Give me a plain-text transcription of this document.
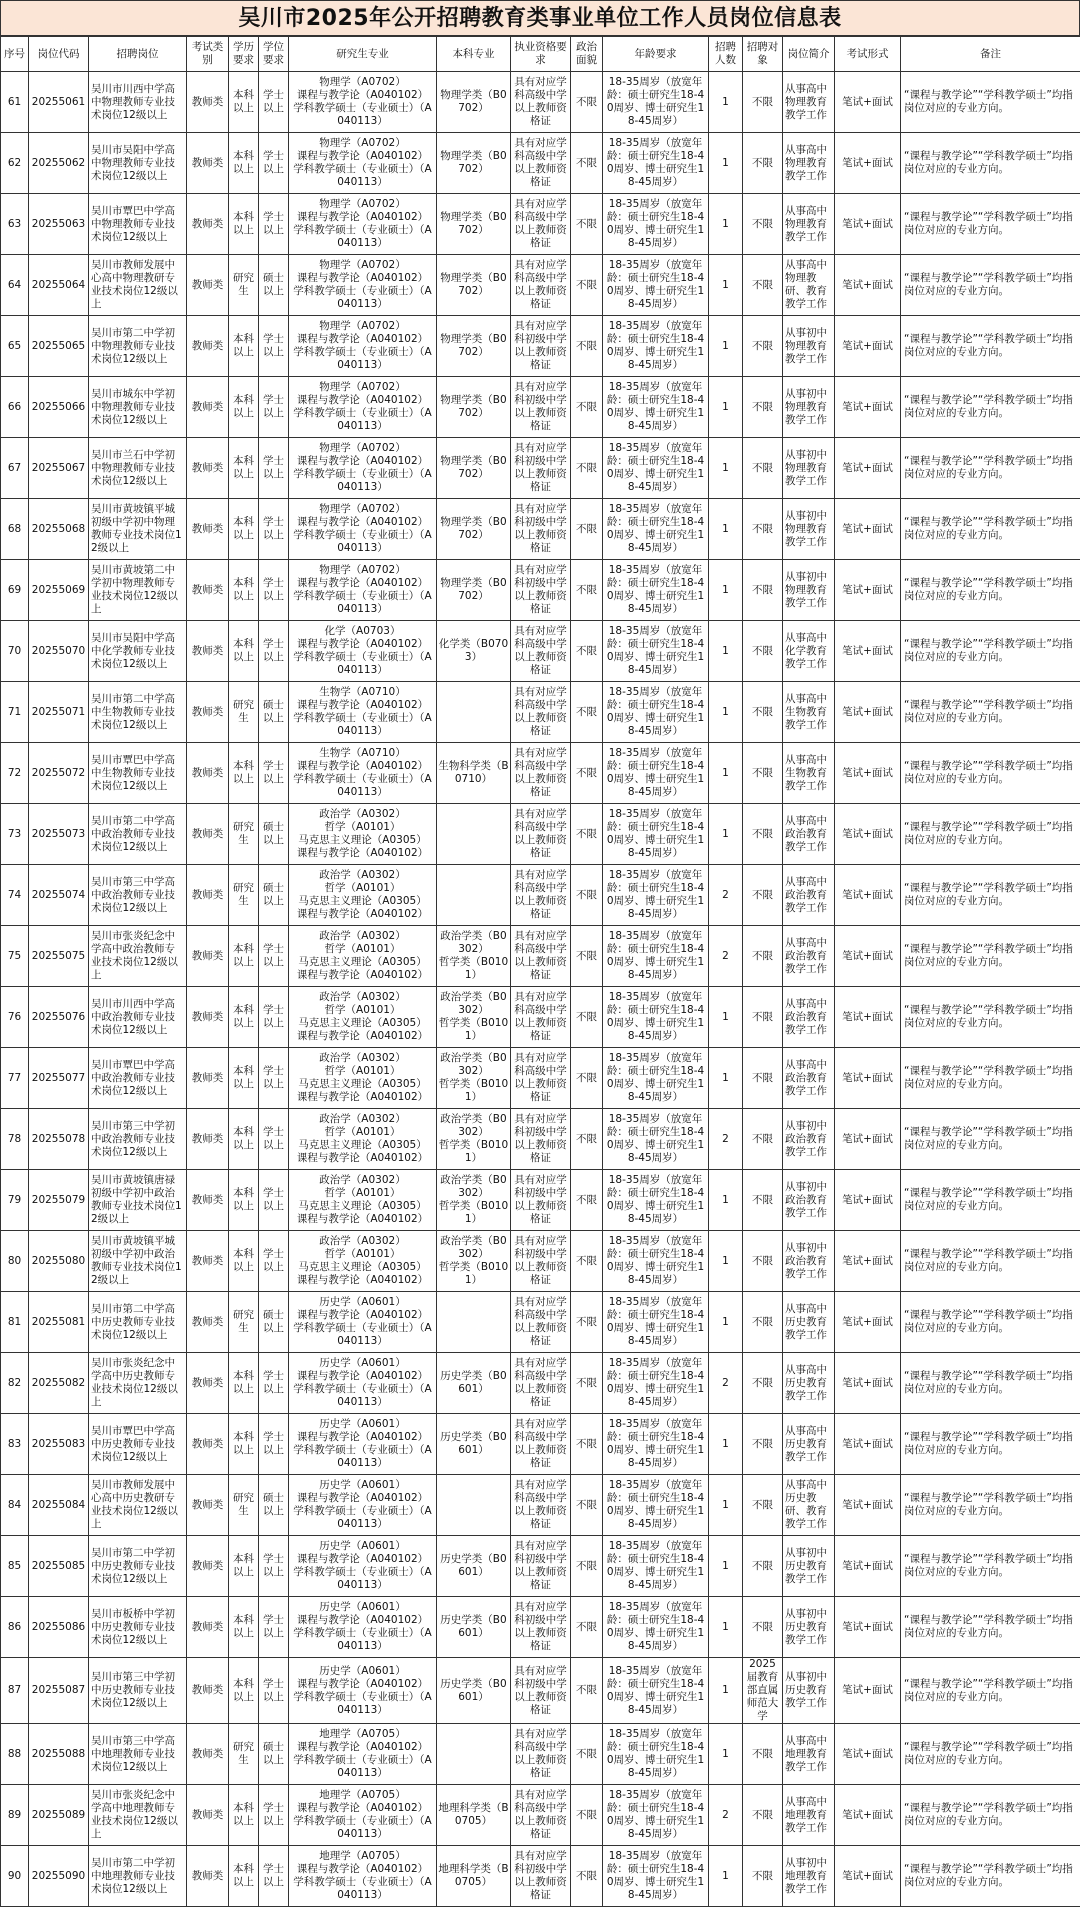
吴川市2025年公开招聘教育类事业单位工作人员岗位信息表
序号	岗位代码	招聘岗位	考试类别	学历要求	学位要求	研究生专业	本科专业	执业资格要求	政治面貌	年龄要求	招聘人数	招聘对象	岗位简介	考试形式	备注
61	20255061	吴川市川西中学高中物理教师专业技术岗位12级以上	教师类	本科以上	学士以上	物理学（A0702）
课程与教学论（A040102）
学科教学硕士（专业硕士）（A040113）	物理学类（B0702）	具有对应学科高级中学以上教师资格证	不限	18-35周岁（放宽年龄：硕士研究生18-40周岁、博士研究生18-45周岁）	1	不限	从事高中物理教育教学工作	笔试+面试	“课程与教学论”“学科教学硕士”均指岗位对应的专业方向。
62	20255062	吴川市吴阳中学高中物理教师专业技术岗位12级以上	教师类	本科以上	学士以上	物理学（A0702）
课程与教学论（A040102）
学科教学硕士（专业硕士）（A040113）	物理学类（B0702）	具有对应学科高级中学以上教师资格证	不限	18-35周岁（放宽年龄：硕士研究生18-40周岁、博士研究生18-45周岁）	1	不限	从事高中物理教育教学工作	笔试+面试	“课程与教学论”“学科教学硕士”均指岗位对应的专业方向。
63	20255063	吴川市覃巴中学高中物理教师专业技术岗位12级以上	教师类	本科以上	学士以上	物理学（A0702）
课程与教学论（A040102）
学科教学硕士（专业硕士）（A040113）	物理学类（B0702）	具有对应学科高级中学以上教师资格证	不限	18-35周岁（放宽年龄：硕士研究生18-40周岁、博士研究生18-45周岁）	1	不限	从事高中物理教育教学工作	笔试+面试	“课程与教学论”“学科教学硕士”均指岗位对应的专业方向。
64	20255064	吴川市教师发展中心高中物理教研专业技术岗位12级以上	教师类	研究生	硕士以上	物理学（A0702）
课程与教学论（A040102）
学科教学硕士（专业硕士）（A040113）	物理学类（B0702）	具有对应学科高级中学以上教师资格证	不限	18-35周岁（放宽年龄：硕士研究生18-40周岁、博士研究生18-45周岁）	1	不限	从事高中物理教研、教育教学工作	笔试+面试	“课程与教学论”“学科教学硕士”均指岗位对应的专业方向。
65	20255065	吴川市第二中学初中物理教师专业技术岗位12级以上	教师类	本科以上	学士以上	物理学（A0702）
课程与教学论（A040102）
学科教学硕士（专业硕士）（A040113）	物理学类（B0702）	具有对应学科初级中学以上教师资格证	不限	18-35周岁（放宽年龄：硕士研究生18-40周岁、博士研究生18-45周岁）	1	不限	从事初中物理教育教学工作	笔试+面试	“课程与教学论”“学科教学硕士”均指岗位对应的专业方向。
66	20255066	吴川市城东中学初中物理教师专业技术岗位12级以上	教师类	本科以上	学士以上	物理学（A0702）
课程与教学论（A040102）
学科教学硕士（专业硕士）（A040113）	物理学类（B0702）	具有对应学科初级中学以上教师资格证	不限	18-35周岁（放宽年龄：硕士研究生18-40周岁、博士研究生18-45周岁）	1	不限	从事初中物理教育教学工作	笔试+面试	“课程与教学论”“学科教学硕士”均指岗位对应的专业方向。
67	20255067	吴川市兰石中学初中物理教师专业技术岗位12级以上	教师类	本科以上	学士以上	物理学（A0702）
课程与教学论（A040102）
学科教学硕士（专业硕士）（A040113）	物理学类（B0702）	具有对应学科初级中学以上教师资格证	不限	18-35周岁（放宽年龄：硕士研究生18-40周岁、博士研究生18-45周岁）	1	不限	从事初中物理教育教学工作	笔试+面试	“课程与教学论”“学科教学硕士”均指岗位对应的专业方向。
68	20255068	吴川市黄坡镇平城初级中学初中物理教师专业技术岗位12级以上	教师类	本科以上	学士以上	物理学（A0702）
课程与教学论（A040102）
学科教学硕士（专业硕士）（A040113）	物理学类（B0702）	具有对应学科初级中学以上教师资格证	不限	18-35周岁（放宽年龄：硕士研究生18-40周岁、博士研究生18-45周岁）	1	不限	从事初中物理教育教学工作	笔试+面试	“课程与教学论”“学科教学硕士”均指岗位对应的专业方向。
69	20255069	吴川市黄坡第二中学初中物理教师专业技术岗位12级以上	教师类	本科以上	学士以上	物理学（A0702）
课程与教学论（A040102）
学科教学硕士（专业硕士）（A040113）	物理学类（B0702）	具有对应学科初级中学以上教师资格证	不限	18-35周岁（放宽年龄：硕士研究生18-40周岁、博士研究生18-45周岁）	1	不限	从事初中物理教育教学工作	笔试+面试	“课程与教学论”“学科教学硕士”均指岗位对应的专业方向。
70	20255070	吴川市吴阳中学高中化学教师专业技术岗位12级以上	教师类	本科以上	学士以上	化学（A0703）
课程与教学论（A040102）
学科教学硕士（专业硕士）（A040113）	化学类（B0703）	具有对应学科高级中学以上教师资格证	不限	18-35周岁（放宽年龄：硕士研究生18-40周岁、博士研究生18-45周岁）	1	不限	从事高中化学教育教学工作	笔试+面试	“课程与教学论”“学科教学硕士”均指岗位对应的专业方向。
71	20255071	吴川市第二中学高中生物教师专业技术岗位12级以上	教师类	研究生	硕士以上	生物学（A0710）
课程与教学论（A040102）
学科教学硕士（专业硕士）（A040113）		具有对应学科高级中学以上教师资格证	不限	18-35周岁（放宽年龄：硕士研究生18-40周岁、博士研究生18-45周岁）	1	不限	从事高中生物教育教学工作	笔试+面试	“课程与教学论”“学科教学硕士”均指岗位对应的专业方向。
72	20255072	吴川市覃巴中学高中生物教师专业技术岗位12级以上	教师类	本科以上	学士以上	生物学（A0710）
课程与教学论（A040102）
学科教学硕士（专业硕士）（A040113）	生物科学类（B0710）	具有对应学科高级中学以上教师资格证	不限	18-35周岁（放宽年龄：硕士研究生18-40周岁、博士研究生18-45周岁）	1	不限	从事高中生物教育教学工作	笔试+面试	“课程与教学论”“学科教学硕士”均指岗位对应的专业方向。
73	20255073	吴川市第二中学高中政治教师专业技术岗位12级以上	教师类	研究生	硕士以上	政治学（A0302）
哲学（A0101）
马克思主义理论（A0305）
课程与教学论（A040102）		具有对应学科高级中学以上教师资格证	不限	18-35周岁（放宽年龄：硕士研究生18-40周岁、博士研究生18-45周岁）	1	不限	从事高中政治教育教学工作	笔试+面试	“课程与教学论”“学科教学硕士”均指岗位对应的专业方向。
74	20255074	吴川市第三中学高中政治教师专业技术岗位12级以上	教师类	研究生	硕士以上	政治学（A0302）
哲学（A0101）
马克思主义理论（A0305）
课程与教学论（A040102）		具有对应学科高级中学以上教师资格证	不限	18-35周岁（放宽年龄：硕士研究生18-40周岁、博士研究生18-45周岁）	2	不限	从事高中政治教育教学工作	笔试+面试	“课程与教学论”“学科教学硕士”均指岗位对应的专业方向。
75	20255075	吴川市张炎纪念中学高中政治教师专业技术岗位12级以上	教师类	本科以上	学士以上	政治学（A0302）
哲学（A0101）
马克思主义理论（A0305）
课程与教学论（A040102）	政治学类（B0302）
哲学类（B0101）	具有对应学科高级中学以上教师资格证	不限	18-35周岁（放宽年龄：硕士研究生18-40周岁、博士研究生18-45周岁）	2	不限	从事高中政治教育教学工作	笔试+面试	“课程与教学论”“学科教学硕士”均指岗位对应的专业方向。
76	20255076	吴川市川西中学高中政治教师专业技术岗位12级以上	教师类	本科以上	学士以上	政治学（A0302）
哲学（A0101）
马克思主义理论（A0305）
课程与教学论（A040102）	政治学类（B0302）
哲学类（B0101）	具有对应学科高级中学以上教师资格证	不限	18-35周岁（放宽年龄：硕士研究生18-40周岁、博士研究生18-45周岁）	1	不限	从事高中政治教育教学工作	笔试+面试	“课程与教学论”“学科教学硕士”均指岗位对应的专业方向。
77	20255077	吴川市覃巴中学高中政治教师专业技术岗位12级以上	教师类	本科以上	学士以上	政治学（A0302）
哲学（A0101）
马克思主义理论（A0305）
课程与教学论（A040102）	政治学类（B0302）
哲学类（B0101）	具有对应学科高级中学以上教师资格证	不限	18-35周岁（放宽年龄：硕士研究生18-40周岁、博士研究生18-45周岁）	1	不限	从事高中政治教育教学工作	笔试+面试	“课程与教学论”“学科教学硕士”均指岗位对应的专业方向。
78	20255078	吴川市第三中学初中政治教师专业技术岗位12级以上	教师类	本科以上	学士以上	政治学（A0302）
哲学（A0101）
马克思主义理论（A0305）
课程与教学论（A040102）	政治学类（B0302）
哲学类（B0101）	具有对应学科初级中学以上教师资格证	不限	18-35周岁（放宽年龄：硕士研究生18-40周岁、博士研究生18-45周岁）	2	不限	从事初中政治教育教学工作	笔试+面试	“课程与教学论”“学科教学硕士”均指岗位对应的专业方向。
79	20255079	吴川市黄坡镇唐禄初级中学初中政治教师专业技术岗位12级以上	教师类	本科以上	学士以上	政治学（A0302）
哲学（A0101）
马克思主义理论（A0305）
课程与教学论（A040102）	政治学类（B0302）
哲学类（B0101）	具有对应学科初级中学以上教师资格证	不限	18-35周岁（放宽年龄：硕士研究生18-40周岁、博士研究生18-45周岁）	1	不限	从事初中政治教育教学工作	笔试+面试	“课程与教学论”“学科教学硕士”均指岗位对应的专业方向。
80	20255080	吴川市黄坡镇平城初级中学初中政治教师专业技术岗位12级以上	教师类	本科以上	学士以上	政治学（A0302）
哲学（A0101）
马克思主义理论（A0305）
课程与教学论（A040102）	政治学类（B0302）
哲学类（B0101）	具有对应学科初级中学以上教师资格证	不限	18-35周岁（放宽年龄：硕士研究生18-40周岁、博士研究生18-45周岁）	1	不限	从事初中政治教育教学工作	笔试+面试	“课程与教学论”“学科教学硕士”均指岗位对应的专业方向。
81	20255081	吴川市第二中学高中历史教师专业技术岗位12级以上	教师类	研究生	硕士以上	历史学（A0601）
课程与教学论（A040102）
学科教学硕士（专业硕士）（A040113）		具有对应学科高级中学以上教师资格证	不限	18-35周岁（放宽年龄：硕士研究生18-40周岁、博士研究生18-45周岁）	1	不限	从事高中历史教育教学工作	笔试+面试	“课程与教学论”“学科教学硕士”均指岗位对应的专业方向。
82	20255082	吴川市张炎纪念中学高中历史教师专业技术岗位12级以上	教师类	本科以上	学士以上	历史学（A0601）
课程与教学论（A040102）
学科教学硕士（专业硕士）（A040113）	历史学类（B0601）	具有对应学科高级中学以上教师资格证	不限	18-35周岁（放宽年龄：硕士研究生18-40周岁、博士研究生18-45周岁）	2	不限	从事高中历史教育教学工作	笔试+面试	“课程与教学论”“学科教学硕士”均指岗位对应的专业方向。
83	20255083	吴川市覃巴中学高中历史教师专业技术岗位12级以上	教师类	本科以上	学士以上	历史学（A0601）
课程与教学论（A040102）
学科教学硕士（专业硕士）（A040113）	历史学类（B0601）	具有对应学科高级中学以上教师资格证	不限	18-35周岁（放宽年龄：硕士研究生18-40周岁、博士研究生18-45周岁）	1	不限	从事高中历史教育教学工作	笔试+面试	“课程与教学论”“学科教学硕士”均指岗位对应的专业方向。
84	20255084	吴川市教师发展中心高中历史教研专业技术岗位12级以上	教师类	研究生	硕士以上	历史学（A0601）
课程与教学论（A040102）
学科教学硕士（专业硕士）（A040113）		具有对应学科高级中学以上教师资格证	不限	18-35周岁（放宽年龄：硕士研究生18-40周岁、博士研究生18-45周岁）	1	不限	从事高中历史教研、教育教学工作	笔试+面试	“课程与教学论”“学科教学硕士”均指岗位对应的专业方向。
85	20255085	吴川市第二中学初中历史教师专业技术岗位12级以上	教师类	本科以上	学士以上	历史学（A0601）
课程与教学论（A040102）
学科教学硕士（专业硕士）（A040113）	历史学类（B0601）	具有对应学科初级中学以上教师资格证	不限	18-35周岁（放宽年龄：硕士研究生18-40周岁、博士研究生18-45周岁）	1	不限	从事初中历史教育教学工作	笔试+面试	“课程与教学论”“学科教学硕士”均指岗位对应的专业方向。
86	20255086	吴川市板桥中学初中历史教师专业技术岗位12级以上	教师类	本科以上	学士以上	历史学（A0601）
课程与教学论（A040102）
学科教学硕士（专业硕士）（A040113）	历史学类（B0601）	具有对应学科初级中学以上教师资格证	不限	18-35周岁（放宽年龄：硕士研究生18-40周岁、博士研究生18-45周岁）	1	不限	从事初中历史教育教学工作	笔试+面试	“课程与教学论”“学科教学硕士”均指岗位对应的专业方向。
87	20255087	吴川市第三中学初中历史教师专业技术岗位12级以上	教师类	本科以上	学士以上	历史学（A0601）
课程与教学论（A040102）
学科教学硕士（专业硕士）（A040113）	历史学类（B0601）	具有对应学科初级中学以上教师资格证	不限	18-35周岁（放宽年龄：硕士研究生18-40周岁、博士研究生18-45周岁）	1	2025届教育部直属师范大学	从事初中历史教育教学工作	笔试+面试	“课程与教学论”“学科教学硕士”均指岗位对应的专业方向。
88	20255088	吴川市第三中学高中地理教师专业技术岗位12级以上	教师类	研究生	硕士以上	地理学（A0705）
课程与教学论（A040102）
学科教学硕士（专业硕士）（A040113）		具有对应学科高级中学以上教师资格证	不限	18-35周岁（放宽年龄：硕士研究生18-40周岁、博士研究生18-45周岁）	1	不限	从事高中地理教育教学工作	笔试+面试	“课程与教学论”“学科教学硕士”均指岗位对应的专业方向。
89	20255089	吴川市张炎纪念中学高中地理教师专业技术岗位12级以上	教师类	本科以上	学士以上	地理学（A0705）
课程与教学论（A040102）
学科教学硕士（专业硕士）（A040113）	地理科学类（B0705）	具有对应学科高级中学以上教师资格证	不限	18-35周岁（放宽年龄：硕士研究生18-40周岁、博士研究生18-45周岁）	2	不限	从事高中地理教育教学工作	笔试+面试	“课程与教学论”“学科教学硕士”均指岗位对应的专业方向。
90	20255090	吴川市第二中学初中地理教师专业技术岗位12级以上	教师类	本科以上	学士以上	地理学（A0705）
课程与教学论（A040102）
学科教学硕士（专业硕士）（A040113）	地理科学类（B0705）	具有对应学科初级中学以上教师资格证	不限	18-35周岁（放宽年龄：硕士研究生18-40周岁、博士研究生18-45周岁）	1	不限	从事初中地理教育教学工作	笔试+面试	“课程与教学论”“学科教学硕士”均指岗位对应的专业方向。
